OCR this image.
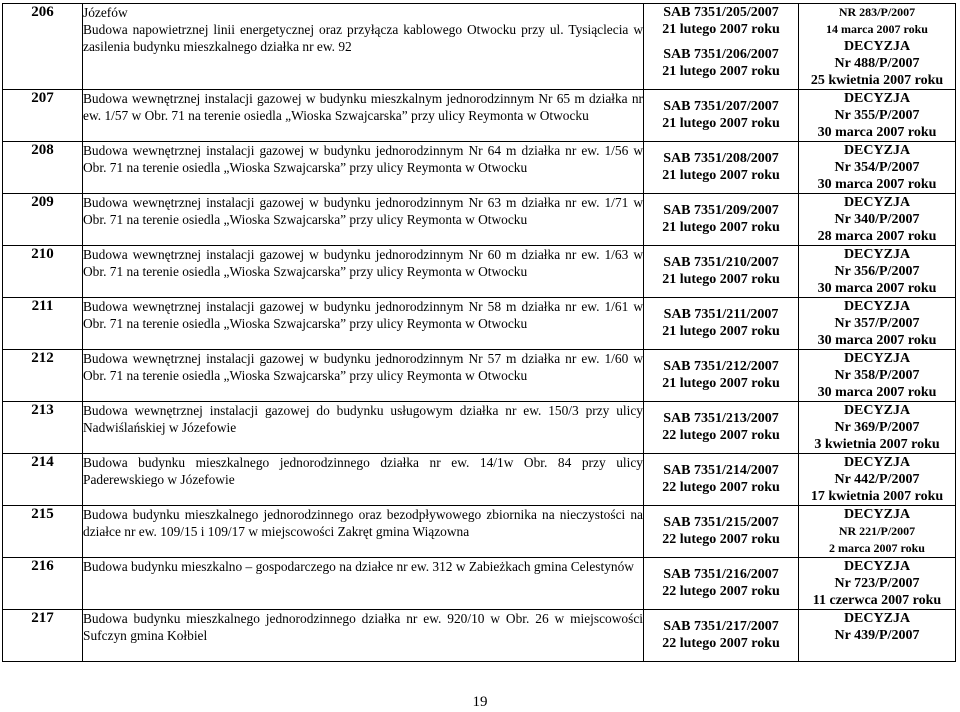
206	Józefów
Budowa napowietrznej linii energetycznej oraz przyłącza kablowego Otwocku przy ul. Tysiąclecia w zasilenia budynku mieszkalnego działka nr ew. 92	SAB 7351/205/2007
21 lutego 2007 roku
SAB 7351/206/2007
21 lutego 2007 roku	NR 283/P/2007
14 marca 2007 roku
DECYZJA
Nr 488/P/2007
25 kwietnia 2007 roku

207	Budowa wewnętrznej instalacji gazowej w budynku mieszkalnym jednorodzinnym Nr 65 m działka nr ew. 1/57 w Obr. 71 na terenie osiedla „Wioska Szwajcarska” przy ulicy Reymonta w Otwocku	SAB 7351/207/2007
21 lutego 2007 roku	DECYZJA
Nr 355/P/2007
30 marca 2007 roku

208	Budowa wewnętrznej instalacji gazowej w budynku jednorodzinnym Nr 64 m działka nr ew. 1/56 w Obr. 71 na terenie osiedla „Wioska Szwajcarska” przy ulicy Reymonta w Otwocku	SAB 7351/208/2007
21 lutego 2007 roku	DECYZJA
Nr 354/P/2007
30 marca 2007 roku

209	Budowa wewnętrznej instalacji gazowej w budynku jednorodzinnym Nr 63 m działka nr ew. 1/71 w Obr. 71 na terenie osiedla „Wioska Szwajcarska” przy ulicy Reymonta w Otwocku	SAB 7351/209/2007
21 lutego 2007 roku	DECYZJA
Nr 340/P/2007
28 marca 2007 roku

210	Budowa wewnętrznej instalacji gazowej w budynku jednorodzinnym Nr 60 m działka nr ew. 1/63 w Obr. 71 na terenie osiedla „Wioska Szwajcarska” przy ulicy Reymonta w Otwocku	SAB 7351/210/2007
21 lutego 2007 roku	DECYZJA
Nr 356/P/2007
30 marca 2007 roku

211	Budowa wewnętrznej instalacji gazowej w budynku jednorodzinnym Nr 58 m działka nr ew. 1/61 w Obr. 71 na terenie osiedla „Wioska Szwajcarska” przy ulicy Reymonta w Otwocku	SAB 7351/211/2007
21 lutego 2007 roku	DECYZJA
Nr 357/P/2007
30 marca 2007 roku

212	Budowa wewnętrznej instalacji gazowej w budynku jednorodzinnym Nr 57 m działka nr ew. 1/60 w Obr. 71 na terenie osiedla „Wioska Szwajcarska” przy ulicy Reymonta w Otwocku	SAB 7351/212/2007
21 lutego 2007 roku	DECYZJA
Nr 358/P/2007
30 marca 2007 roku

213	Budowa wewnętrznej instalacji gazowej do budynku usługowym działka nr ew. 150/3 przy ulicy Nadwiślańskiej w Józefowie	SAB 7351/213/2007
22 lutego 2007 roku	DECYZJA
Nr 369/P/2007
3 kwietnia 2007 roku

214	Budowa budynku mieszkalnego jednorodzinnego działka nr ew. 14/1w Obr. 84 przy ulicy Paderewskiego w Józefowie	SAB 7351/214/2007
22 lutego 2007 roku	DECYZJA
Nr 442/P/2007
17 kwietnia 2007 roku

215	Budowa budynku mieszkalnego jednorodzinnego oraz bezodpływowego zbiornika na nieczystości na działce nr ew. 109/15 i 109/17 w miejscowości Zakręt gmina Wiązowna	SAB 7351/215/2007
22 lutego 2007 roku	DECYZJA
NR 221/P/2007
2 marca 2007 roku

216	Budowa budynku mieszkalno – gospodarczego na działce nr ew. 312 w Zabieżkach gmina Celestynów	SAB 7351/216/2007
22 lutego 2007 roku	DECYZJA
Nr 723/P/2007
11 czerwca 2007 roku

217	Budowa budynku mieszkalnego jednorodzinnego działka nr ew. 920/10 w Obr. 26 w miejscowości Sufczyn gmina Kołbiel	SAB 7351/217/2007
22 lutego 2007 roku	DECYZJA
Nr 439/P/2007
19
